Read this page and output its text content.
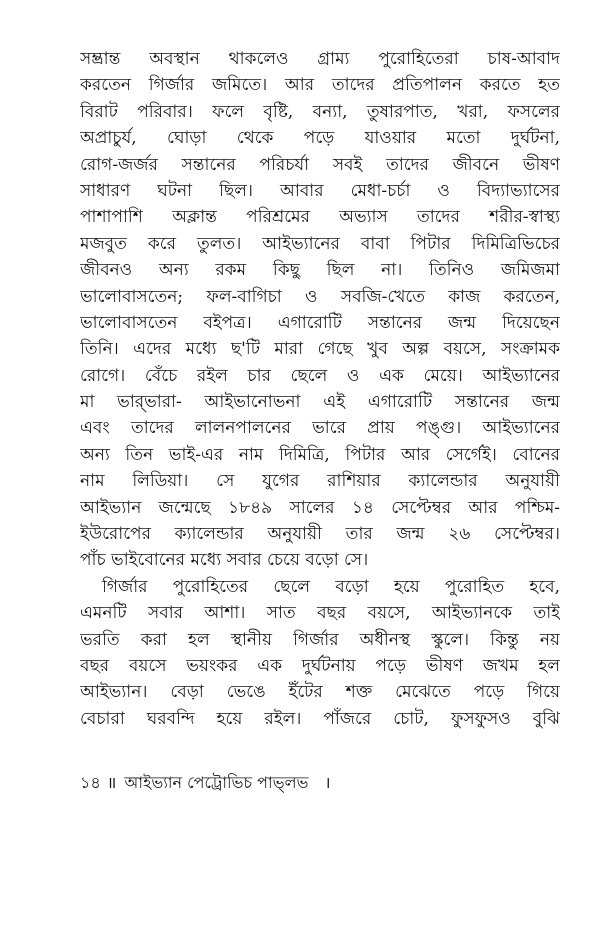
সম্ভ্রান্ত অবস্থান থাকলেও গ্রাম্য পুরোহিতেরা চাষ-আবাদ
করতেন গির্জার জমিতে। আর তাদের প্রতিপালন করতে হত
বিরাট পরিবার। ফলে বৃষ্টি, বন্যা, তুষারপাত, খরা, ফসলের
অপ্রাচুর্য, ঘোড়া থেকে পড়ে যাওয়ার মতো দুর্ঘটনা,
রোগ-জর্জর সন্তানের পরিচর্যা সবই তাদের জীবনে ভীষণ
সাধারণ ঘটনা ছিল। আবার মেধা-চর্চা ও বিদ্যাভ্যাসের
পাশাপাশি অক্লান্ত পরিশ্রমের অভ্যাস তাদের শরীর-স্বাস্থ্য
মজবুত করে তুলত। আইভ্যানের বাবা পিটার দিমিত্রিভিচের
জীবনও অন্য রকম কিছু ছিল না। তিনিও জমিজমা
ভালোবাসতেন; ফল-বাগিচা ও সবজি-খেতে কাজ করতেন,
ভালোবাসতেন বইপত্র। এগারোটি সন্তানের জন্ম দিয়েছেন
তিনি। এদের মধ্যে ছ'টি মারা গেছে খুব অল্প বয়সে, সংক্রামক
রোগে। বেঁচে রইল চার ছেলে ও এক মেয়ে। আইভ্যানের
মা ভার্‌ভারা- আইভানোভনা এই এগারোটি সন্তানের জন্ম
এবং তাদের লালনপালনের ভারে প্রায় পঙ্গু। আইভ্যানের
অন্য তিন ভাই-এর নাম দিমিত্রি, পিটার আর সের্গেই। বোনের
নাম লিডিয়া। সে যুগের রাশিয়ার ক্যালেন্ডার অনুযায়ী
আইভ্যান জন্মেছে ১৮৪৯ সালের ১৪ সেপ্টেম্বর আর পশ্চিম-
ইউরোপের ক্যালেন্ডার অনুযায়ী তার জন্ম ২৬ সেপ্টেম্বর।
পাঁচ ভাইবোনের মধ্যে সবার চেয়ে বড়ো সে।
গির্জার পুরোহিতের ছেলে বড়ো হয়ে পুরোহিত হবে,
এমনটি সবার আশা। সাত বছর বয়সে, আইভ্যানকে তাই
ভরতি করা হল স্থানীয় গির্জার অধীনস্থ স্কুলে। কিন্তু নয়
বছর বয়সে ভয়ংকর এক দুর্ঘটনায় পড়ে ভীষণ জখম হল
আইভ্যান। বেড়া ভেঙে ইঁটের শক্ত মেঝেতে পড়ে গিয়ে
বেচারা ঘরবন্দি হয়ে রইল। পাঁজরে চোট, ফুসফুসও বুঝি
১৪ ॥ আইভ্যান পেট্রোভিচ পাভ্‌লভ ।
